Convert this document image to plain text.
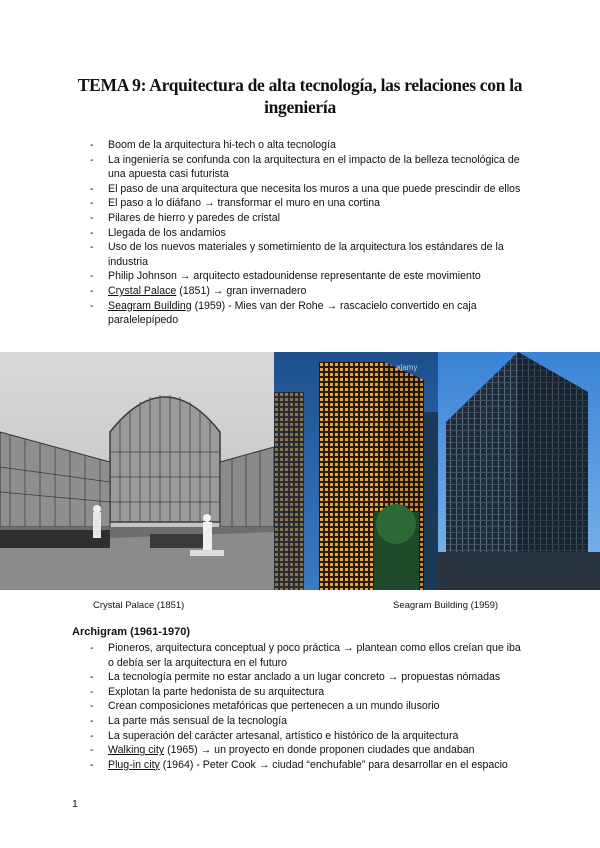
TEMA 9: Arquitectura de alta tecnología, las relaciones con la ingeniería
- Boom de la arquitectura hi-tech o alta tecnología
- La ingeniería se confunda con la arquitectura en el impacto de la belleza tecnológica de una apuesta casi futurista
- El paso de una arquitectura que necesita los muros a una que puede prescindir de ellos
- El paso a lo diáfano → transformar el muro en una cortina
- Pilares de hierro y paredes de cristal
- Llegada de los andamios
- Uso de los nuevos materiales y sometimiento de la arquitectura los estándares de la industria
- Philip Johnson → arquitecto estadounidense representante de este movimiento
- Crystal Palace (1851) → gran invernadero
- Seagram Building (1959) - Mies van der Rohe → rascacielo convertido en caja paralelepípedo
alamy
Crystal Palace (1851)	Seagram Building (1959)
Archigram (1961-1970)
- Pioneros, arquitectura conceptual y poco práctica → plantean como ellos creían que iba o debía ser la arquitectura en el futuro
- La tecnología permite no estar anclado a un lugar concreto → propuestas nómadas
- Explotan la parte hedonista de su arquitectura
- Crean composiciones metafóricas que pertenecen a un mundo ilusorio
- La parte más sensual de la tecnología
- La superación del carácter artesanal, artístico e histórico de la arquitectura
- Walking city (1965) → un proyecto en donde proponen ciudades que andaban
- Plug-in city (1964) - Peter Cook → ciudad “enchufable” para desarrollar en el espacio
1
